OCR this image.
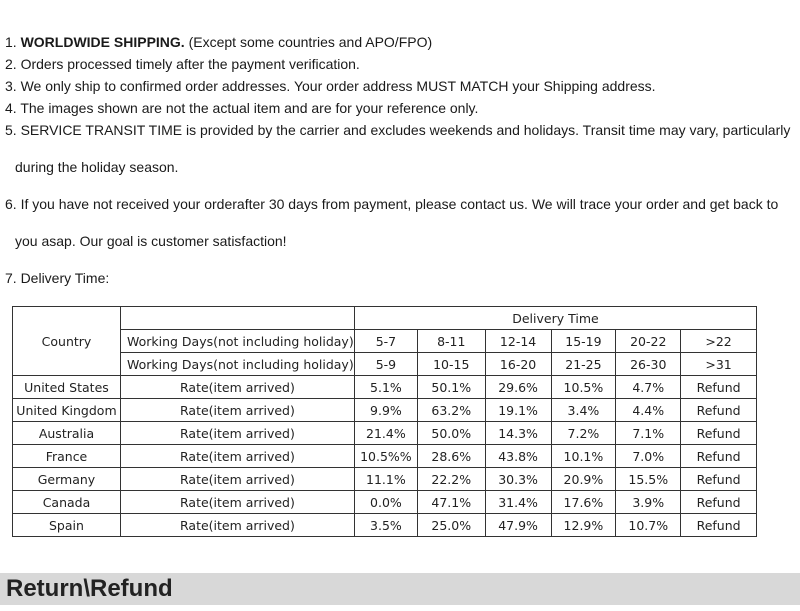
1. WORLDWIDE SHIPPING. (Except some countries and APO/FPO)

2. Orders processed timely after the payment verification.

3. We only ship to confirmed order addresses. Your order address MUST MATCH your Shipping address.

4. The images shown are not the actual item and are for your reference only.

5. SERVICE TRANSIT TIME is provided by the carrier and excludes weekends and holidays. Transit time may vary, particularly

during the holiday season.

6. If you have not received your orderafter 30 days from payment, please contact us. We will trace your order and get back to

you asap. Our goal is customer satisfaction!

7. Delivery Time:

Country		Delivery Time					
	Working Days(not including holiday)	5-7	8-11	12-14	15-19	20-22	>22
	Working Days(not including holiday)	5-9	10-15	16-20	21-25	26-30	>31
United States	Rate(item arrived)	5.1%	50.1%	29.6%	10.5%	4.7%	Refund
United Kingdom	Rate(item arrived)	9.9%	63.2%	19.1%	3.4%	4.4%	Refund
Australia	Rate(item arrived)	21.4%	50.0%	14.3%	7.2%	7.1%	Refund
France	Rate(item arrived)	10.5%%	28.6%	43.8%	10.1%	7.0%	Refund
Germany	Rate(item arrived)	11.1%	22.2%	30.3%	20.9%	15.5%	Refund
Canada	Rate(item arrived)	0.0%	47.1%	31.4%	17.6%	3.9%	Refund
Spain	Rate(item arrived)	3.5%	25.0%	47.9%	12.9%	10.7%	Refund
Return\Refund
